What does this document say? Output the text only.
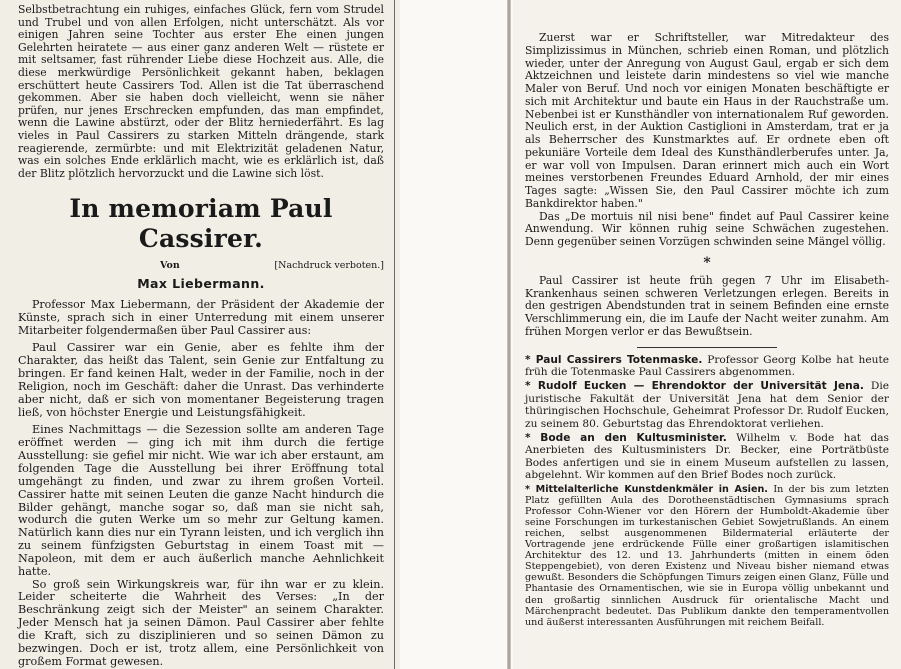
Selbstbetrachtung ein ruhiges, einfaches Glück, fern vom Strudel und Trubel und von allen Erfolgen, nicht unterschätzt. Als vor einigen Jahren seine Tochter aus erster Ehe einen jungen Gelehrten heiratete — aus einer ganz anderen Welt — rüstete er mit seltsamer, fast rührender Liebe diese Hochzeit aus. Alle, die diese merkwürdige Persönlichkeit gekannt haben, beklagen erschüttert heute Cassirers Tod. Allen ist die Tat überraschend gekommen. Aber sie haben doch vielleicht, wenn sie näher prüfen, nur jenes Erschrecken empfunden, das man empfindet, wenn die Lawine abstürzt, oder der Blitz herniederfährt. Es lag vieles in Paul Cassirers zu starken Mitteln drängende, stark reagierende, zermürbte: und mit Elektrizität geladenen Natur, was ein solches Ende erklärlich macht, wie es erklärlich ist, daß der Blitz plötzlich hervorzuckt und die Lawine sich löst.

In memoriam Paul Cassirer.
Von	[Nachdruck verboten.]
Max Liebermann.

Professor Max Liebermann, der Präsident der Akademie der Künste, sprach sich in einer Unterredung mit einem unserer Mitarbeiter folgendermaßen über Paul Cassirer aus:

Paul Cassirer war ein Genie, aber es fehlte ihm der Charakter, das heißt das Talent, sein Genie zur Entfaltung zu bringen. Er fand keinen Halt, weder in der Familie, noch in der Religion, noch im Geschäft: daher die Unrast. Das verhinderte aber nicht, daß er sich von momentaner Begeisterung tragen ließ, von höchster Energie und Leistungsfähigkeit.

Eines Nachmittags — die Sezession sollte am anderen Tage eröffnet werden — ging ich mit ihm durch die fertige Ausstellung: sie gefiel mir nicht. Wie war ich aber erstaunt, am folgenden Tage die Ausstellung bei ihrer Eröffnung total umgehängt zu finden, und zwar zu ihrem großen Vorteil. Cassirer hatte mit seinen Leuten die ganze Nacht hindurch die Bilder gehängt, manche sogar so, daß man sie nicht sah, wodurch die guten Werke um so mehr zur Geltung kamen. Natürlich kann dies nur ein Tyrann leisten, und ich verglich ihn zu seinem fünfzigsten Geburtstag in einem Toast mit — Napoleon, mit dem er auch äußerlich manche Aehnlichkeit hatte.

So groß sein Wirkungskreis war, für ihn war er zu klein. Leider scheiterte die Wahrheit des Verses: „In der Beschränkung zeigt sich der Meister" an seinem Charakter. Jeder Mensch hat ja seinen Dämon. Paul Cassirer aber fehlte die Kraft, sich zu disziplinieren und so seinen Dämon zu bezwingen. Doch er ist, trotz allem, eine Persönlichkeit von großem Format gewesen.

Zuerst war er Schriftsteller, war Mitredakteur des Simplizissimus in München, schrieb einen Roman, und plötzlich wieder, unter der Anregung von August Gaul, ergab er sich dem Aktzeichnen und leistete darin mindestens so viel wie manche Maler von Beruf. Und noch vor einigen Monaten beschäftigte er sich mit Architektur und baute ein Haus in der Rauchstraße um. Nebenbei ist er Kunsthändler von internationalem Ruf geworden. Neulich erst, in der Auktion Castiglioni in Amsterdam, trat er ja als Beherrscher des Kunstmarktes auf. Er ordnete eben oft pekuniäre Vorteile dem Ideal des Kunsthändlerberufes unter. Ja, er war voll von Impulsen. Daran erinnert mich auch ein Wort meines verstorbenen Freundes Eduard Arnhold, der mir eines Tages sagte: „Wissen Sie, den Paul Cassirer möchte ich zum Bankdirektor haben."

Das „De mortuis nil nisi bene" findet auf Paul Cassirer keine Anwendung. Wir können ruhig seine Schwächen zugestehen. Denn gegenüber seinen Vorzügen schwinden seine Mängel völlig.

*

Paul Cassirer ist heute früh gegen 7 Uhr im Elisabeth-Krankenhaus seinen schweren Verletzungen erlegen. Bereits in den gestrigen Abendstunden trat in seinem Befinden eine ernste Verschlimmerung ein, die im Laufe der Nacht weiter zunahm. Am frühen Morgen verlor er das Bewußtsein.

* Paul Cassirers Totenmaske. Professor Georg Kolbe hat heute früh die Totenmaske Paul Cassirers abgenommen.

* Rudolf Eucken — Ehrendoktor der Universität Jena. Die juristische Fakultät der Universität Jena hat dem Senior der thüringischen Hochschule, Geheimrat Professor Dr. Rudolf Eucken, zu seinem 80. Geburtstag das Ehrendoktorat verliehen.

* Bode an den Kultusminister. Wilhelm v. Bode hat das Anerbieten des Kultusministers Dr. Becker, eine Porträtbüste Bodes anfertigen und sie in einem Museum aufstellen zu lassen, abgelehnt. Wir kommen auf den Brief Bodes noch zurück.

* Mittelalterliche Kunstdenkmäler in Asien. In der bis zum letzten Platz gefüllten Aula des Dorotheenstädtischen Gymnasiums sprach Professor Cohn-Wiener vor den Hörern der Humboldt-Akademie über seine Forschungen im turkestanischen Gebiet Sowjetrußlands. An einem reichen, selbst ausgenommenen Bildermaterial erläuterte der Vortragende jene erdrückende Fülle einer großartigen islamitischen Architektur des 12. und 13. Jahrhunderts (mitten in einem öden Steppengebiet), von deren Existenz und Niveau bisher niemand etwas gewußt. Besonders die Schöpfungen Timurs zeigen einen Glanz, Fülle und Phantasie des Ornamentischen, wie sie in Europa völlig unbekannt und den großartig sinnlichen Ausdruck für orientalische Macht und Märchenpracht bedeutet. Das Publikum dankte den temperamentvollen und äußerst interessanten Ausführungen mit reichem Beifall.
